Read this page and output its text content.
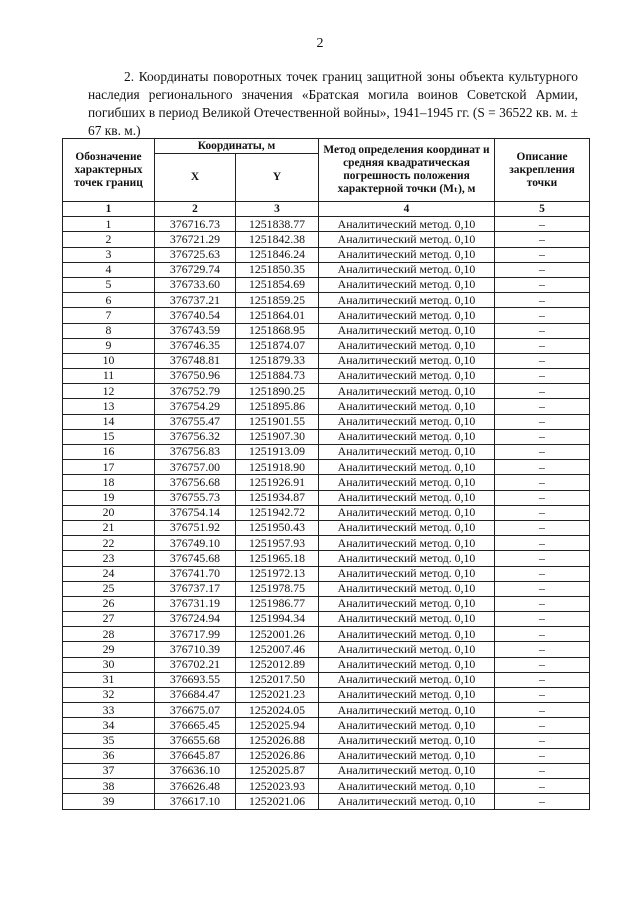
2

2. Координаты поворотных точек границ защитной зоны объекта культурного наследия регионального значения «Братская могила воинов Советской Армии, погибших в период Великой Отечественной войны», 1941–1945 гг. (S = 36522 кв. м. ± 67 кв. м.)

Обозначение характерных точек границ	Координаты, м		Метод определения координат и средняя квадратическая погрешность положения характерной точки (Mₜ), м	Описание закрепления точки
	X	Y		
1	2	3	4	5
1	376716.73	1251838.77	Аналитический метод. 0,10	–
2	376721.29	1251842.38	Аналитический метод. 0,10	–
3	376725.63	1251846.24	Аналитический метод. 0,10	–
4	376729.74	1251850.35	Аналитический метод. 0,10	–
5	376733.60	1251854.69	Аналитический метод. 0,10	–
6	376737.21	1251859.25	Аналитический метод. 0,10	–
7	376740.54	1251864.01	Аналитический метод. 0,10	–
8	376743.59	1251868.95	Аналитический метод. 0,10	–
9	376746.35	1251874.07	Аналитический метод. 0,10	–
10	376748.81	1251879.33	Аналитический метод. 0,10	–
11	376750.96	1251884.73	Аналитический метод. 0,10	–
12	376752.79	1251890.25	Аналитический метод. 0,10	–
13	376754.29	1251895.86	Аналитический метод. 0,10	–
14	376755.47	1251901.55	Аналитический метод. 0,10	–
15	376756.32	1251907.30	Аналитический метод. 0,10	–
16	376756.83	1251913.09	Аналитический метод. 0,10	–
17	376757.00	1251918.90	Аналитический метод. 0,10	–
18	376756.68	1251926.91	Аналитический метод. 0,10	–
19	376755.73	1251934.87	Аналитический метод. 0,10	–
20	376754.14	1251942.72	Аналитический метод. 0,10	–
21	376751.92	1251950.43	Аналитический метод. 0,10	–
22	376749.10	1251957.93	Аналитический метод. 0,10	–
23	376745.68	1251965.18	Аналитический метод. 0,10	–
24	376741.70	1251972.13	Аналитический метод. 0,10	–
25	376737.17	1251978.75	Аналитический метод. 0,10	–
26	376731.19	1251986.77	Аналитический метод. 0,10	–
27	376724.94	1251994.34	Аналитический метод. 0,10	–
28	376717.99	1252001.26	Аналитический метод. 0,10	–
29	376710.39	1252007.46	Аналитический метод. 0,10	–
30	376702.21	1252012.89	Аналитический метод. 0,10	–
31	376693.55	1252017.50	Аналитический метод. 0,10	–
32	376684.47	1252021.23	Аналитический метод. 0,10	–
33	376675.07	1252024.05	Аналитический метод. 0,10	–
34	376665.45	1252025.94	Аналитический метод. 0,10	–
35	376655.68	1252026.88	Аналитический метод. 0,10	–
36	376645.87	1252026.86	Аналитический метод. 0,10	–
37	376636.10	1252025.87	Аналитический метод. 0,10	–
38	376626.48	1252023.93	Аналитический метод. 0,10	–
39	376617.10	1252021.06	Аналитический метод. 0,10	–
